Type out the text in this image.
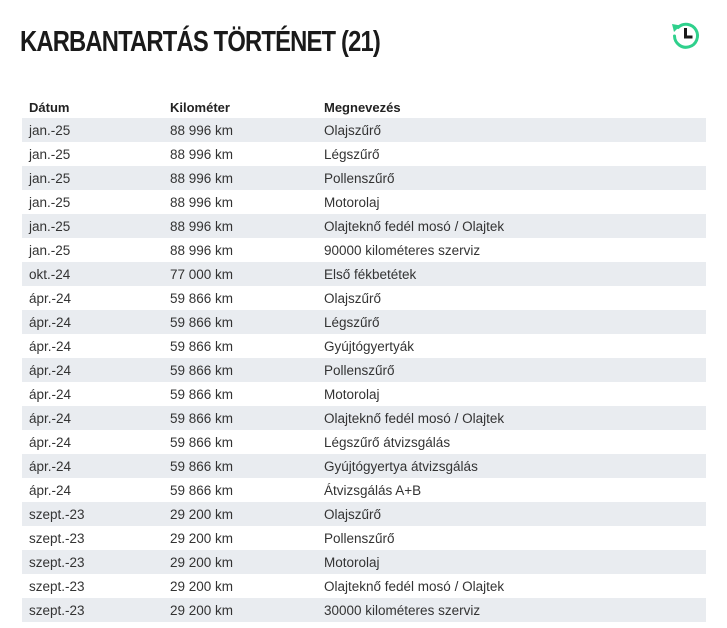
KARBANTARTÁS TÖRTÉNET (21)
Dátum	Kilométer	Megnevezés
jan.-25	88 996 km	Olajszűrő
jan.-25	88 996 km	Légszűrő
jan.-25	88 996 km	Pollenszűrő
jan.-25	88 996 km	Motorolaj
jan.-25	88 996 km	Olajteknő fedél mosó / Olajtek
jan.-25	88 996 km	90000 kilométeres szerviz
okt.-24	77 000 km	Első fékbetétek
ápr.-24	59 866 km	Olajszűrő
ápr.-24	59 866 km	Légszűrő
ápr.-24	59 866 km	Gyújtógyertyák
ápr.-24	59 866 km	Pollenszűrő
ápr.-24	59 866 km	Motorolaj
ápr.-24	59 866 km	Olajteknő fedél mosó / Olajtek
ápr.-24	59 866 km	Légszűrő átvizsgálás
ápr.-24	59 866 km	Gyújtógyertya átvizsgálás
ápr.-24	59 866 km	Átvizsgálás A+B
szept.-23	29 200 km	Olajszűrő
szept.-23	29 200 km	Pollenszűrő
szept.-23	29 200 km	Motorolaj
szept.-23	29 200 km	Olajteknő fedél mosó / Olajtek
szept.-23	29 200 km	30000 kilométeres szerviz
